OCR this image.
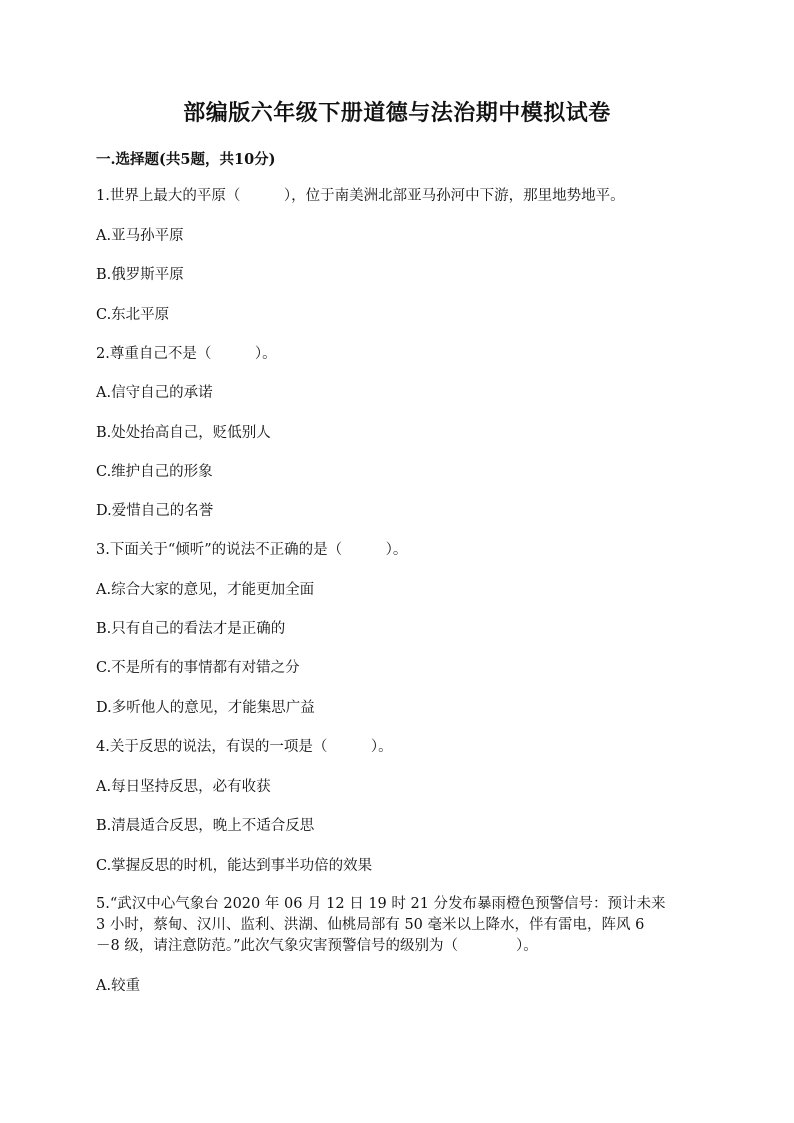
部编版六年级下册道德与法治期中模拟试卷

一.选择题(共5题，共10分)

1.世界上最大的平原（　　　），位于南美洲北部亚马孙河中下游，那里地势地平。

A.亚马孙平原

B.俄罗斯平原

C.东北平原

2.尊重自己不是（　　　）。

A.信守自己的承诺

B.处处抬高自己，贬低别人

C.维护自己的形象

D.爱惜自己的名誉

3.下面关于“倾听”的说法不正确的是（　　　）。

A.综合大家的意见，才能更加全面

B.只有自己的看法才是正确的

C.不是所有的事情都有对错之分

D.多听他人的意见，才能集思广益

4.关于反思的说法，有误的一项是（　　　）。

A.每日坚持反思，必有收获

B.清晨适合反思，晚上不适合反思

C.掌握反思的时机，能达到事半功倍的效果

5.“武汉中心气象台 2020 年 06 月 12 日 19 时 21 分发布暴雨橙色预警信号：预计未来
3 小时，蔡甸、汉川、监利、洪湖、仙桃局部有 50 毫米以上降水，伴有雷电，阵风 6
－8 级，请注意防范。”此次气象灾害预警信号的级别为（　　　　）。

A.较重
